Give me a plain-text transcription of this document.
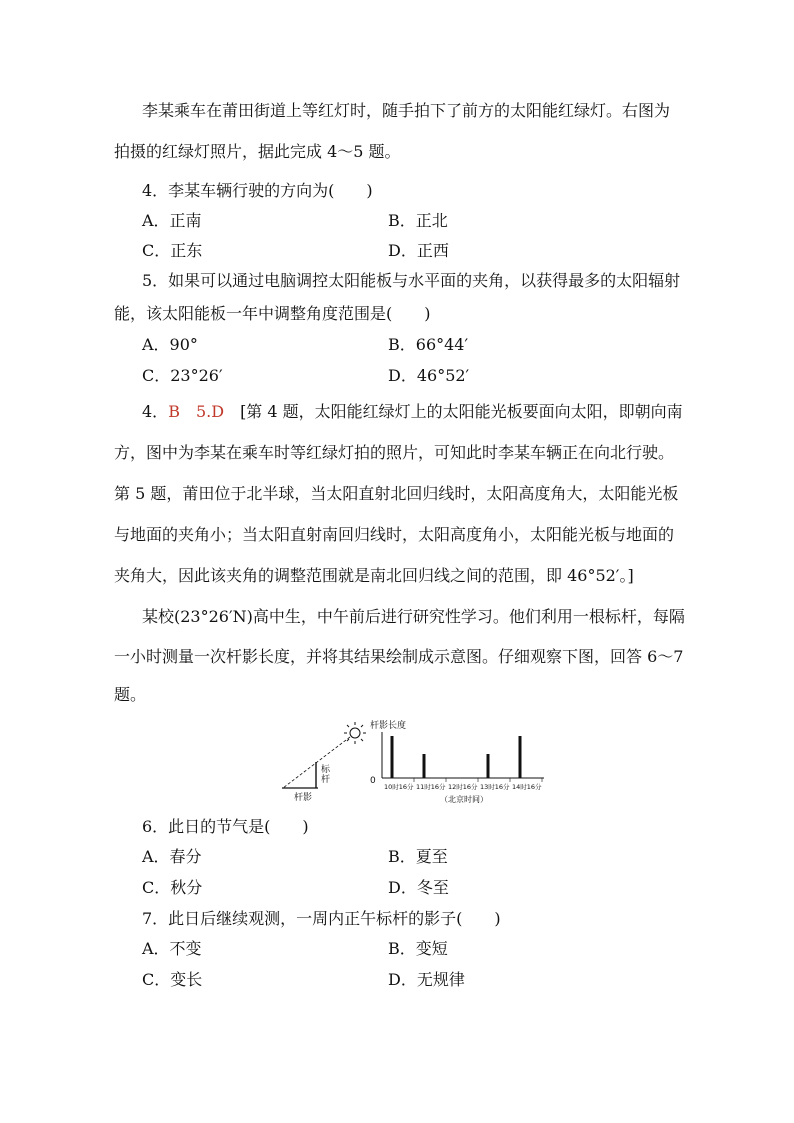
李某乘车在莆田街道上等红灯时，随手拍下了前方的太阳能红绿灯。右图为
拍摄的红绿灯照片，据此完成 4～5 题。
4．李某车辆行驶的方向为(　　)
A．正南	B．正北
C．正东	D．正西
5．如果可以通过电脑调控太阳能板与水平面的夹角，以获得最多的太阳辐射
能，该太阳能板一年中调整角度范围是(　　)
A．90°	B．66°44′
C．23°26′	D．46°52′
4．B　 5.D　[第 4 题，太阳能红绿灯上的太阳能光板要面向太阳，即朝向南
方，图中为李某在乘车时等红绿灯拍的照片，可知此时李某车辆正在向北行驶。
第 5 题，莆田位于北半球，当太阳直射北回归线时，太阳高度角大，太阳能光板
与地面的夹角小；当太阳直射南回归线时，太阳高度角小，太阳能光板与地面的
夹角大，因此该夹角的调整范围就是南北回归线之间的范围，即 46°52′。]
某校(23°26′N)高中生，中午前后进行研究性学习。他们利用一根标杆，每隔
一小时测量一次杆影长度，并将其结果绘制成示意图。仔细观察下图，回答 6～7
题。
标
杆
杆影
杆影长度
0
10时16分 11时16分 12时16分 13时16分 14时16分
（北京时间）
6．此日的节气是(　　)
A．春分	B．夏至
C．秋分	D．冬至
7．此日后继续观测，一周内正午标杆的影子(　　)
A．不变	B．变短
C．变长	D．无规律
